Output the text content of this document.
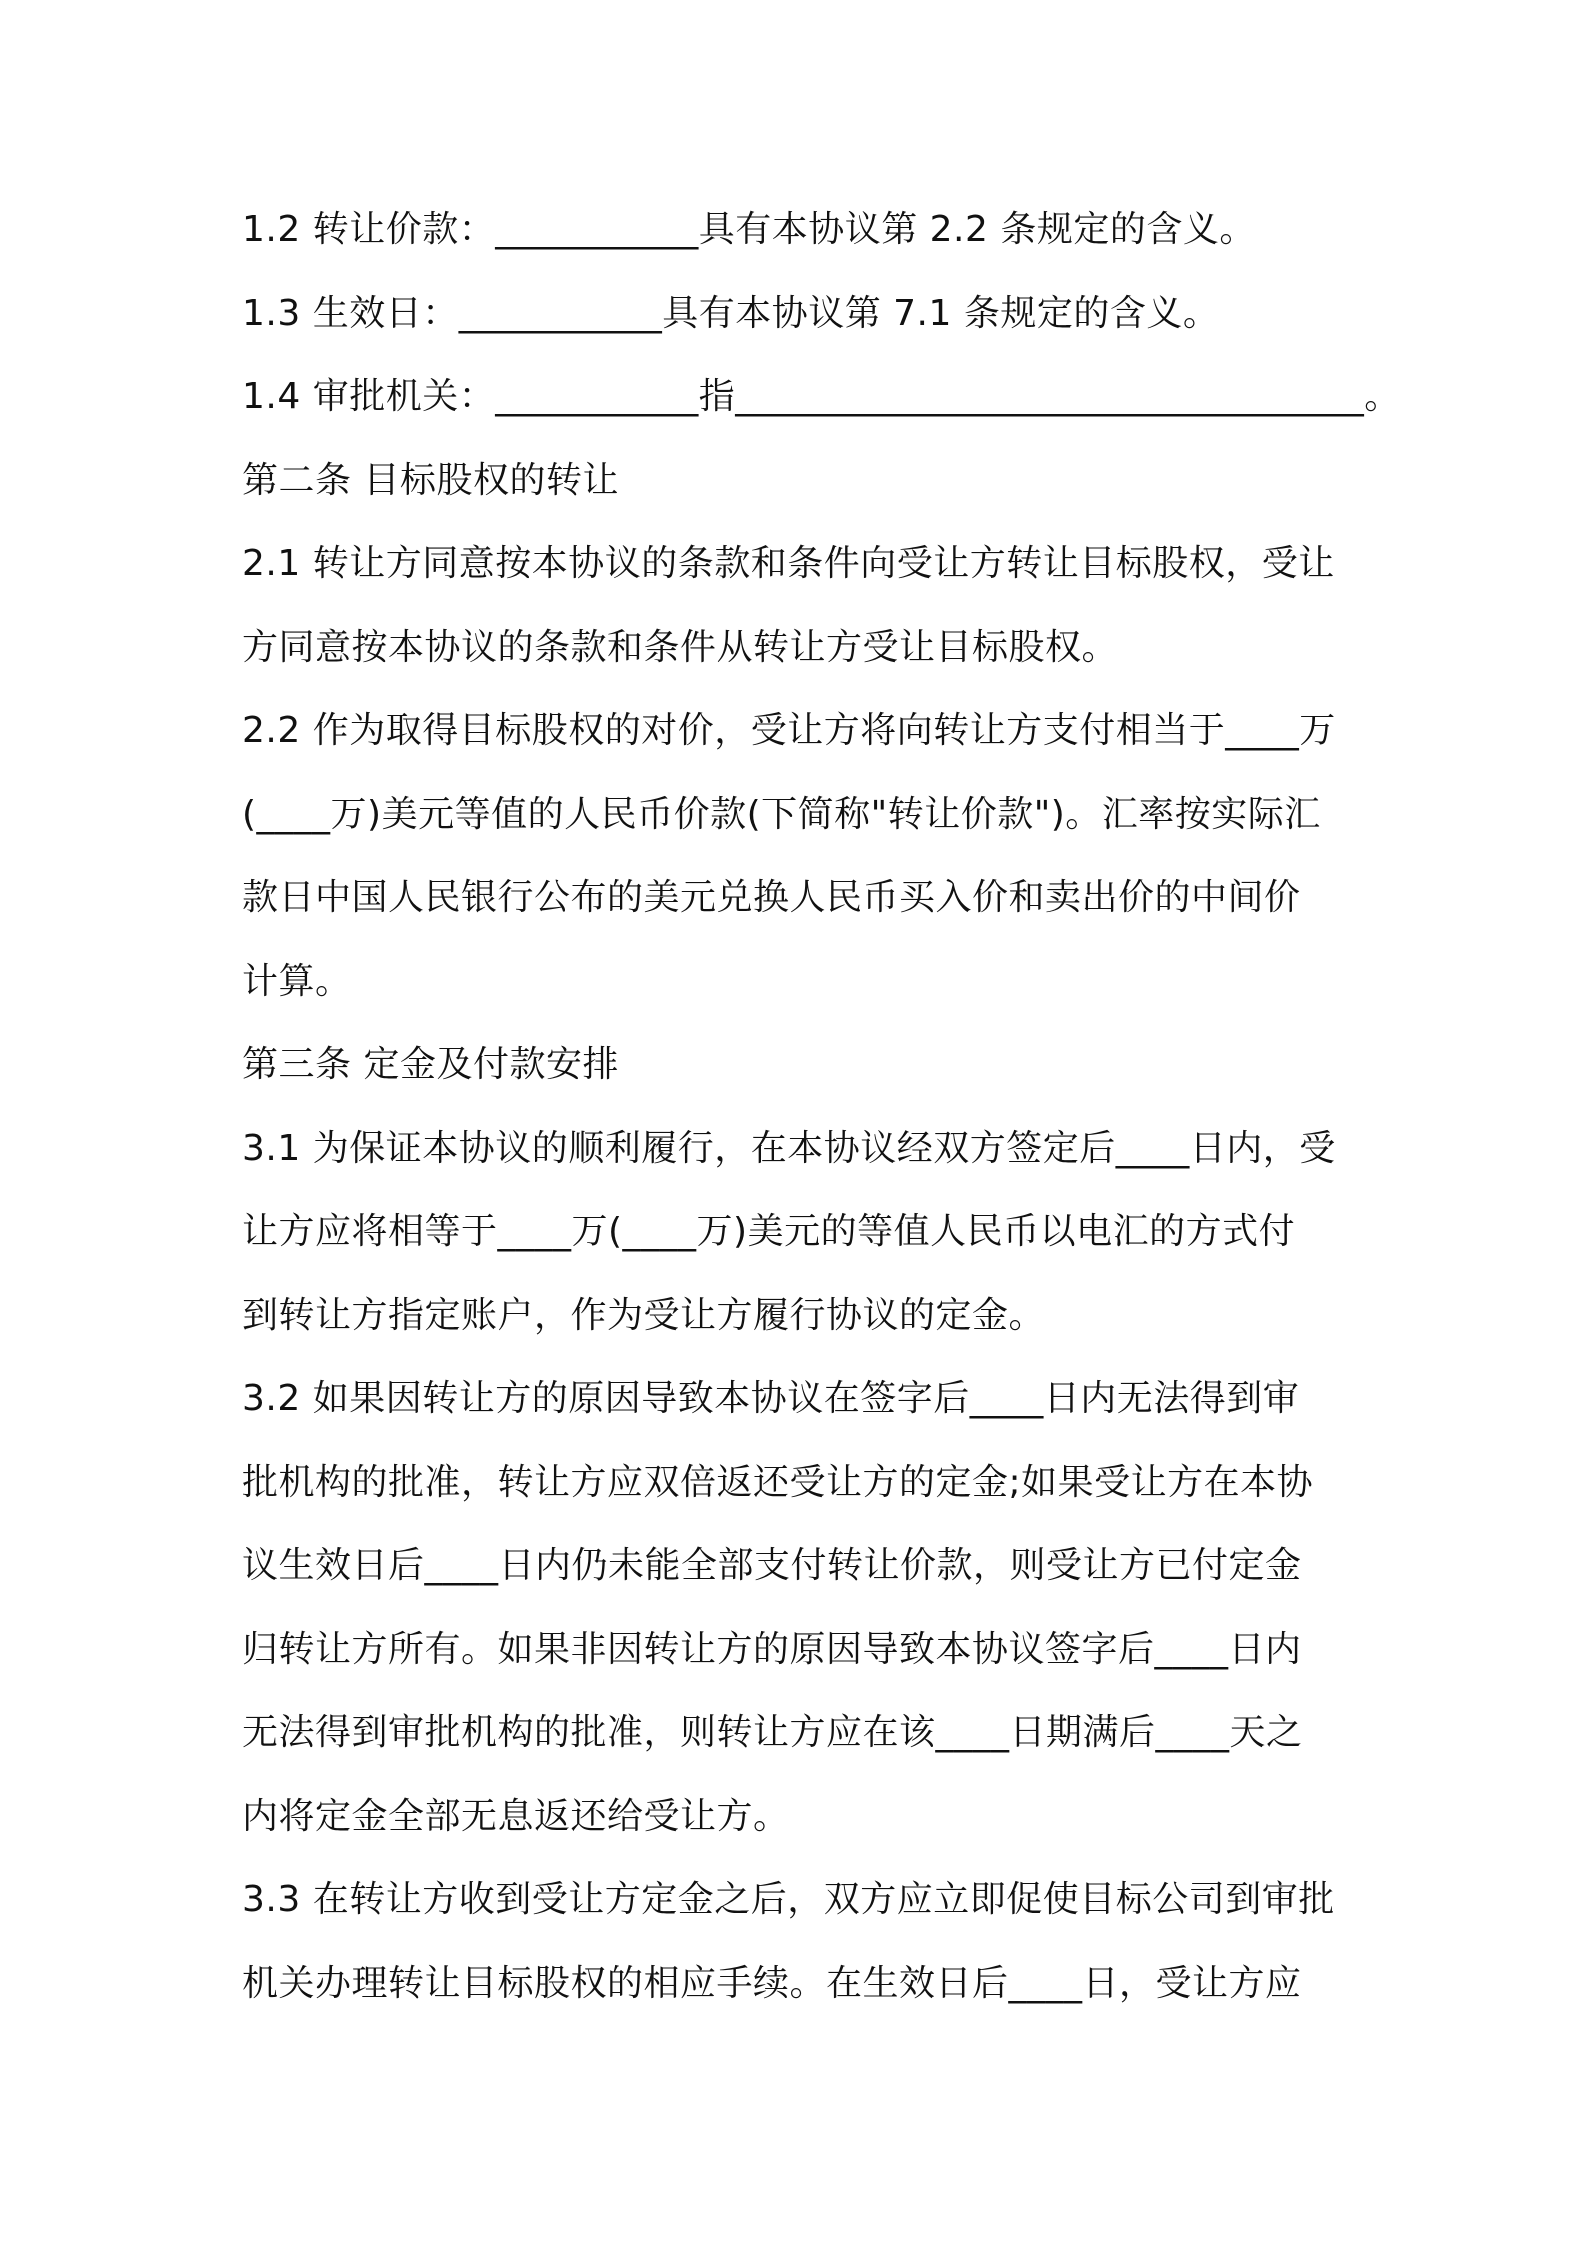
1.2 转让价款：___________具有本协议第 2.2 条规定的含义。
1.3 生效日：___________具有本协议第 7.1 条规定的含义。
1.4 审批机关：___________指__________________________________。
第二条 目标股权的转让
2.1 转让方同意按本协议的条款和条件向受让方转让目标股权，受让
方同意按本协议的条款和条件从转让方受让目标股权。
2.2 作为取得目标股权的对价，受让方将向转让方支付相当于____万
(____万)美元等值的人民币价款(下简称"转让价款")。汇率按实际汇
款日中国人民银行公布的美元兑换人民币买入价和卖出价的中间价
计算。
第三条 定金及付款安排
3.1 为保证本协议的顺利履行，在本协议经双方签定后____日内，受
让方应将相等于____万(____万)美元的等值人民币以电汇的方式付
到转让方指定账户，作为受让方履行协议的定金。
3.2 如果因转让方的原因导致本协议在签字后____日内无法得到审
批机构的批准，转让方应双倍返还受让方的定金;如果受让方在本协
议生效日后____日内仍未能全部支付转让价款，则受让方已付定金
归转让方所有。如果非因转让方的原因导致本协议签字后____日内
无法得到审批机构的批准，则转让方应在该____日期满后____天之
内将定金全部无息返还给受让方。
3.3 在转让方收到受让方定金之后，双方应立即促使目标公司到审批
机关办理转让目标股权的相应手续。在生效日后____日，受让方应
